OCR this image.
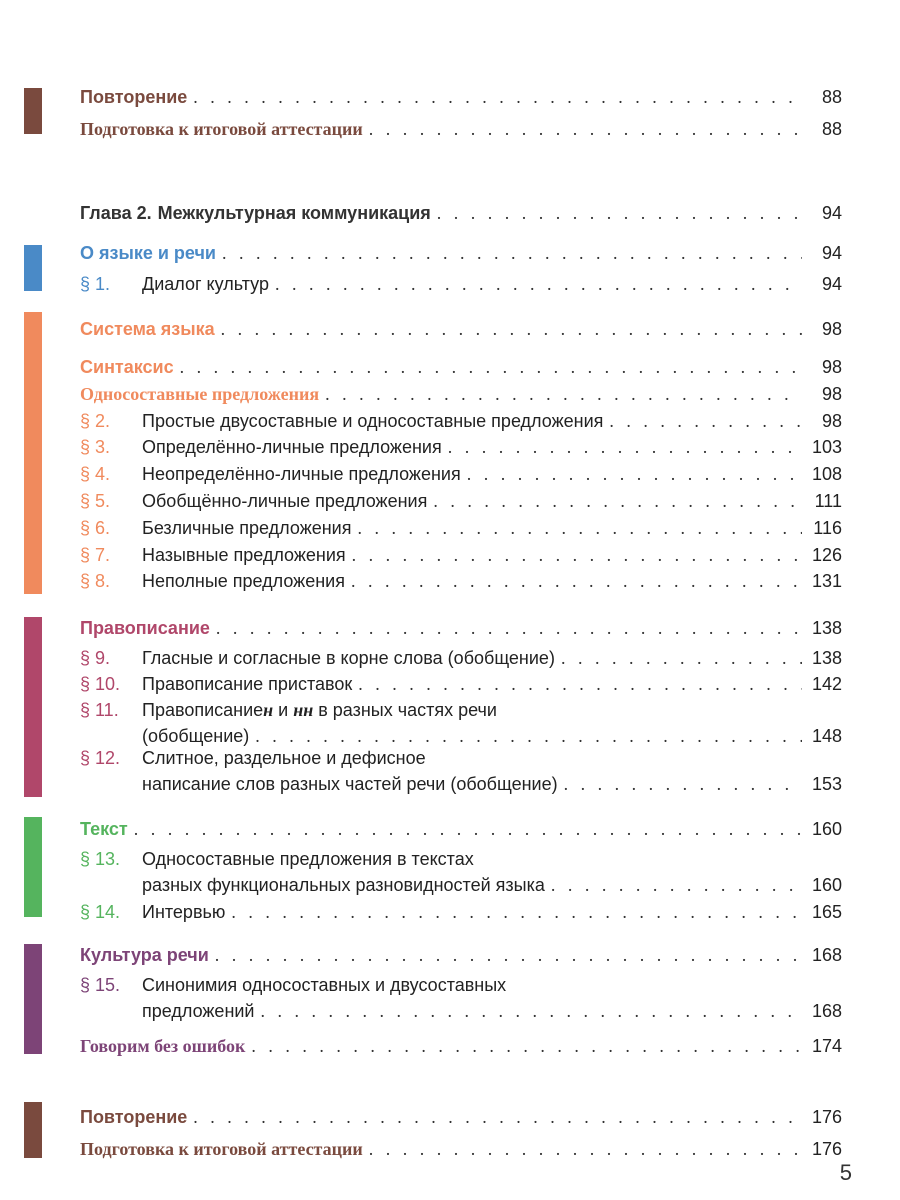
Повторение . . .	88
Подготовка к итоговой аттестации . . .	88
Глава 2. Межкультурная коммуникация . . .	94
О языке и речи . . .	94
§ 1.	Диалог культур . . .	94
Система языка . . .	98
Синтаксис . . .	98
Односоставные предложения . . .	98
§ 2.	Простые двусоставные и односоставные предложения . . .	98
§ 3.	Определённо-личные предложения . . .	103
§ 4.	Неопределённо-личные предложения . . .	108
§ 5.	Обобщённо-личные предложения . . .	111
§ 6.	Безличные предложения . . .	116
§ 7.	Назывные предложения . . .	126
§ 8.	Неполные предложения . . .	131
Правописание . . .	138
§ 9.	Гласные и согласные в корне слова (обобщение) . . .	138
§ 10.	Правописание приставок . . .	142
§ 11.	Правописание н и нн в разных частях речи
(обобщение) . . .	148
§ 12.	Слитное, раздельное и дефисное
написание слов разных частей речи (обобщение) . . .	153
Текст . . .	160
§ 13.	Односоставные предложения в текстах
разных функциональных разновидностей языка . . .	160
§ 14.	Интервью . . .	165
Культура речи . . .	168
§ 15.	Синонимия односоставных и двусоставных
предложений . . .	168
Говорим без ошибок . . .	174
Повторение . . .	176
Подготовка к итоговой аттестации . . .	176
5
